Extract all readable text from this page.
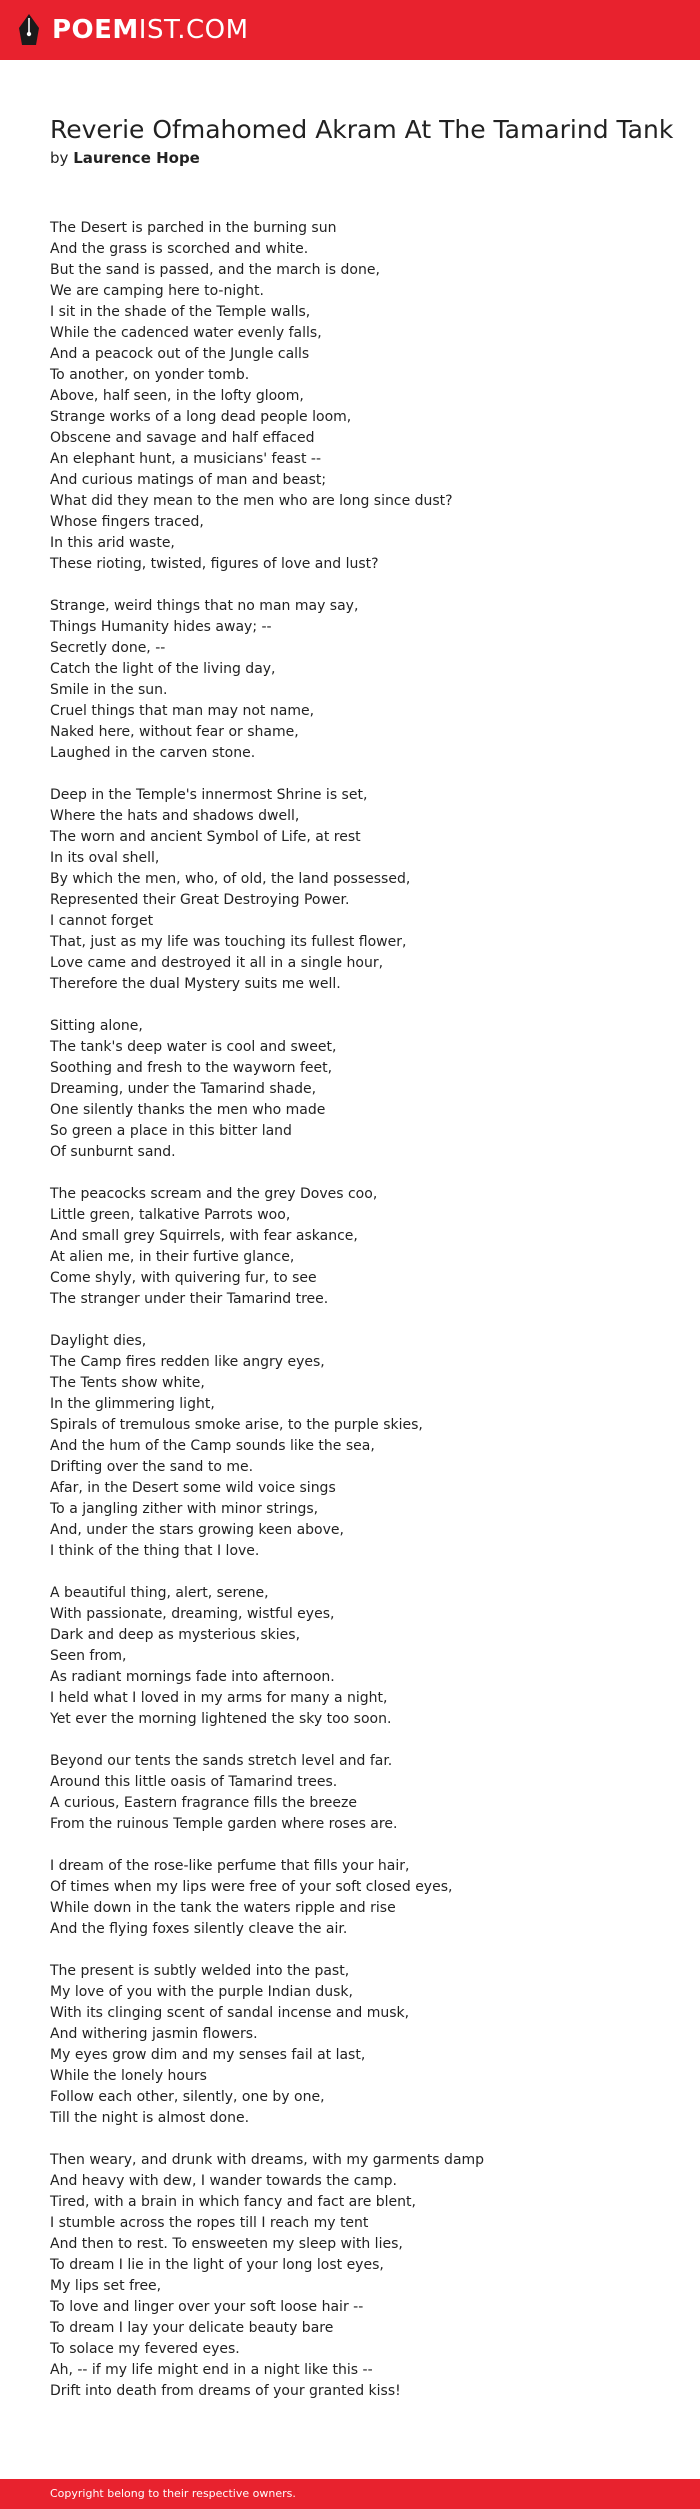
POEMIST.COM
Reverie Ofmahomed Akram At The Tamarind Tank
by Laurence Hope
The Desert is parched in the burning sun
And the grass is scorched and white.
But the sand is passed, and the march is done,
We are camping here to-night.
I sit in the shade of the Temple walls,
While the cadenced water evenly falls,
And a peacock out of the Jungle calls
To another, on yonder tomb.
Above, half seen, in the lofty gloom,
Strange works of a long dead people loom,
Obscene and savage and half effaced
An elephant hunt, a musicians' feast --
And curious matings of man and beast;
What did they mean to the men who are long since dust?
Whose fingers traced,
In this arid waste,
These rioting, twisted, figures of love and lust?
Strange, weird things that no man may say,
Things Humanity hides away; --
Secretly done, --
Catch the light of the living day,
Smile in the sun.
Cruel things that man may not name,
Naked here, without fear or shame,
Laughed in the carven stone.
Deep in the Temple's innermost Shrine is set,
Where the hats and shadows dwell,
The worn and ancient Symbol of Life, at rest
In its oval shell,
By which the men, who, of old, the land possessed,
Represented their Great Destroying Power.
I cannot forget
That, just as my life was touching its fullest flower,
Love came and destroyed it all in a single hour,
Therefore the dual Mystery suits me well.
Sitting alone,
The tank's deep water is cool and sweet,
Soothing and fresh to the wayworn feet,
Dreaming, under the Tamarind shade,
One silently thanks the men who made
So green a place in this bitter land
Of sunburnt sand.
The peacocks scream and the grey Doves coo,
Little green, talkative Parrots woo,
And small grey Squirrels, with fear askance,
At alien me, in their furtive glance,
Come shyly, with quivering fur, to see
The stranger under their Tamarind tree.
Daylight dies,
The Camp fires redden like angry eyes,
The Tents show white,
In the glimmering light,
Spirals of tremulous smoke arise, to the purple skies,
And the hum of the Camp sounds like the sea,
Drifting over the sand to me.
Afar, in the Desert some wild voice sings
To a jangling zither with minor strings,
And, under the stars growing keen above,
I think of the thing that I love.
A beautiful thing, alert, serene,
With passionate, dreaming, wistful eyes,
Dark and deep as mysterious skies,
Seen from,
As radiant mornings fade into afternoon.
I held what I loved in my arms for many a night,
Yet ever the morning lightened the sky too soon.
Beyond our tents the sands stretch level and far.
Around this little oasis of Tamarind trees.
A curious, Eastern fragrance fills the breeze
From the ruinous Temple garden where roses are.
I dream of the rose-like perfume that fills your hair,
Of times when my lips were free of your soft closed eyes,
While down in the tank the waters ripple and rise
And the flying foxes silently cleave the air.
The present is subtly welded into the past,
My love of you with the purple Indian dusk,
With its clinging scent of sandal incense and musk,
And withering jasmin flowers.
My eyes grow dim and my senses fail at last,
While the lonely hours
Follow each other, silently, one by one,
Till the night is almost done.
Then weary, and drunk with dreams, with my garments damp
And heavy with dew, I wander towards the camp.
Tired, with a brain in which fancy and fact are blent,
I stumble across the ropes till I reach my tent
And then to rest. To ensweeten my sleep with lies,
To dream I lie in the light of your long lost eyes,
My lips set free,
To love and linger over your soft loose hair --
To dream I lay your delicate beauty bare
To solace my fevered eyes.
Ah, -- if my life might end in a night like this --
Drift into death from dreams of your granted kiss!
Copyright belong to their respective owners.
